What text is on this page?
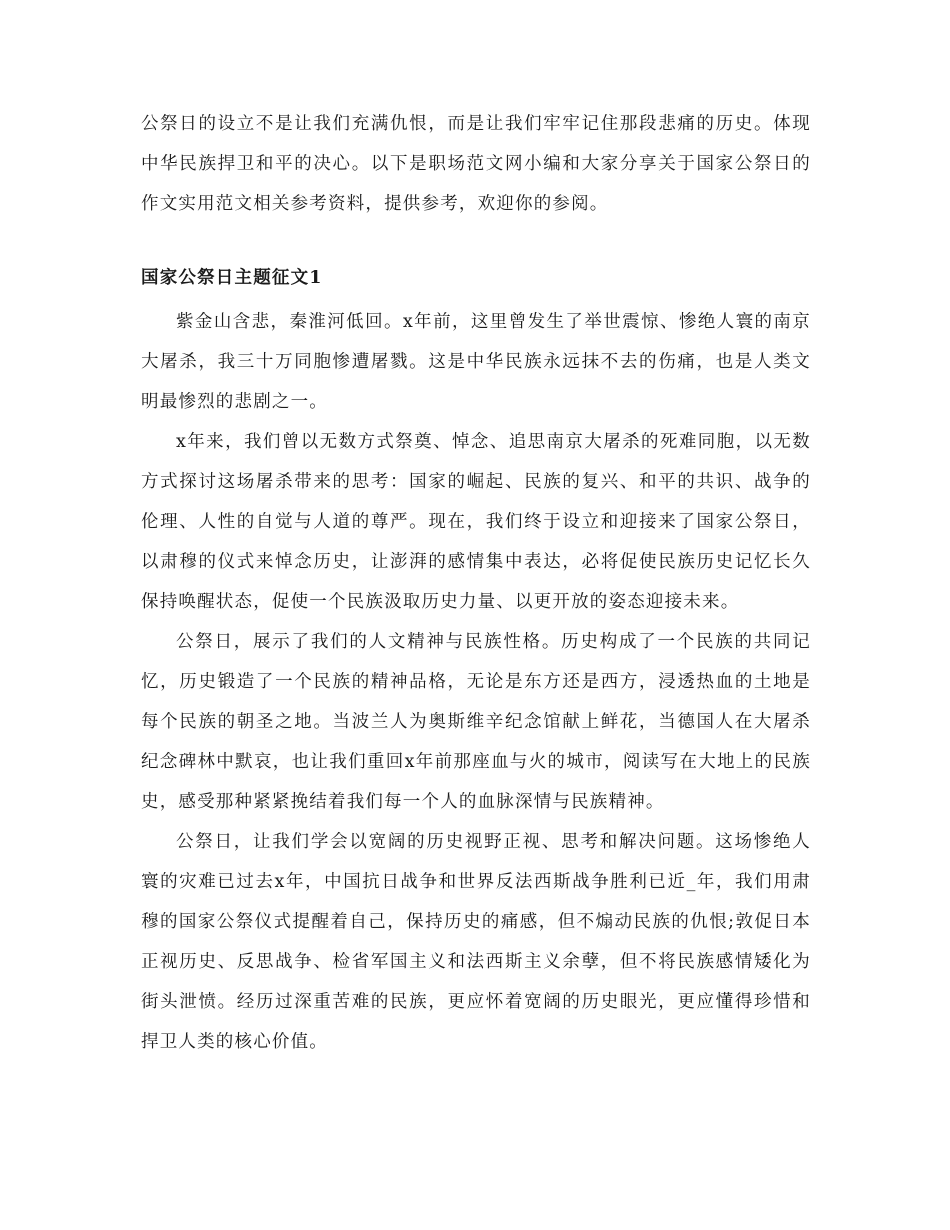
公祭日的设立不是让我们充满仇恨，而是让我们牢牢记住那段悲痛的历史。体现中华民族捍卫和平的决心。以下是职场范文网小编和大家分享关于国家公祭日的作文实用范文相关参考资料，提供参考，欢迎你的参阅。

国家公祭日主题征文1

紫金山含悲，秦淮河低回。x年前，这里曾发生了举世震惊、惨绝人寰的南京大屠杀，我三十万同胞惨遭屠戮。这是中华民族永远抹不去的伤痛，也是人类文明最惨烈的悲剧之一。

x年来，我们曾以无数方式祭奠、悼念、追思南京大屠杀的死难同胞，以无数方式探讨这场屠杀带来的思考：国家的崛起、民族的复兴、和平的共识、战争的伦理、人性的自觉与人道的尊严。现在，我们终于设立和迎接来了国家公祭日，以肃穆的仪式来悼念历史，让澎湃的感情集中表达，必将促使民族历史记忆长久保持唤醒状态，促使一个民族汲取历史力量、以更开放的姿态迎接未来。

公祭日，展示了我们的人文精神与民族性格。历史构成了一个民族的共同记忆，历史锻造了一个民族的精神品格，无论是东方还是西方，浸透热血的土地是每个民族的朝圣之地。当波兰人为奥斯维辛纪念馆献上鲜花，当德国人在大屠杀纪念碑林中默哀，也让我们重回x年前那座血与火的城市，阅读写在大地上的民族史，感受那种紧紧挽结着我们每一个人的血脉深情与民族精神。

公祭日，让我们学会以宽阔的历史视野正视、思考和解决问题。这场惨绝人寰的灾难已过去x年，中国抗日战争和世界反法西斯战争胜利已近_年，我们用肃穆的国家公祭仪式提醒着自己，保持历史的痛感，但不煽动民族的仇恨;敦促日本正视历史、反思战争、检省军国主义和法西斯主义余孽，但不将民族感情矮化为街头泄愤。经历过深重苦难的民族，更应怀着宽阔的历史眼光，更应懂得珍惜和捍卫人类的核心价值。
